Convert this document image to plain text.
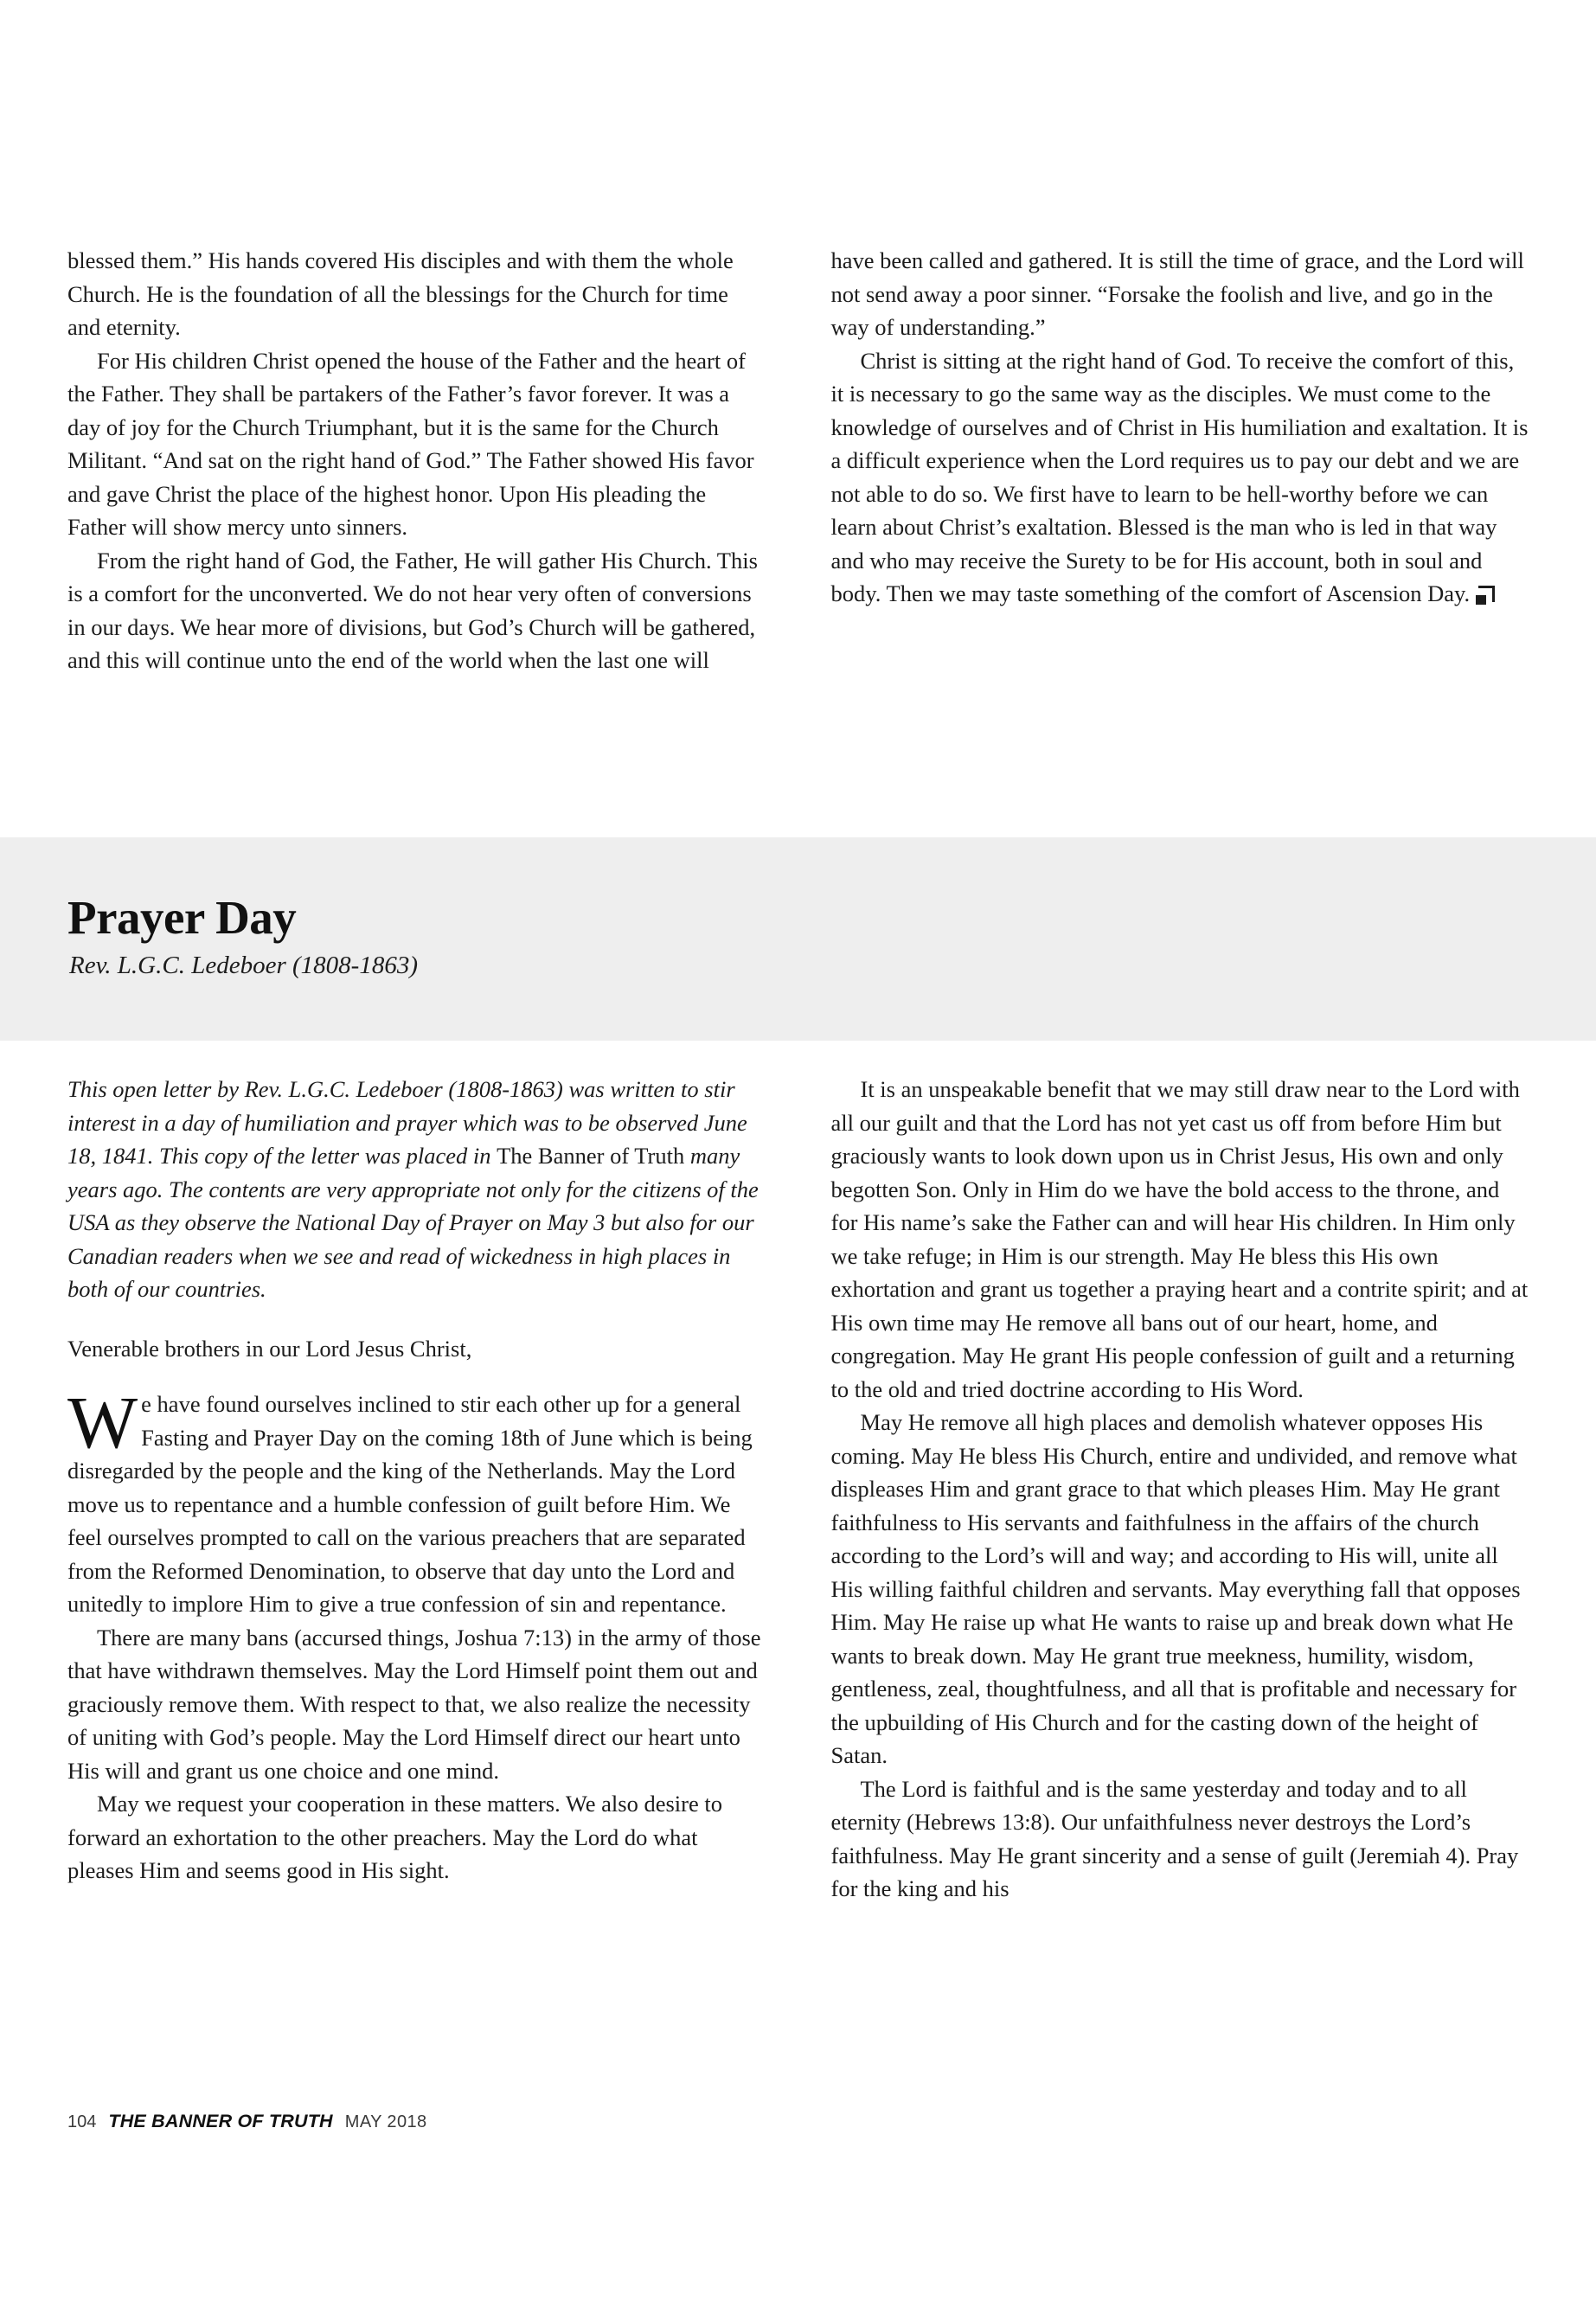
blessed them.” His hands covered His disciples and with them the whole Church. He is the foundation of all the blessings for the Church for time and eternity.

For His children Christ opened the house of the Father and the heart of the Father. They shall be partakers of the Father’s favor forever. It was a day of joy for the Church Triumphant, but it is the same for the Church Militant. “And sat on the right hand of God.” The Father showed His favor and gave Christ the place of the highest honor. Upon His pleading the Father will show mercy unto sinners.

From the right hand of God, the Father, He will gather His Church. This is a comfort for the unconverted. We do not hear very often of conversions in our days. We hear more of divisions, but God’s Church will be gathered, and this will continue unto the end of the world when the last one will

have been called and gathered. It is still the time of grace, and the Lord will not send away a poor sinner. “Forsake the foolish and live, and go in the way of understanding.”

Christ is sitting at the right hand of God. To receive the comfort of this, it is necessary to go the same way as the disciples. We must come to the knowledge of ourselves and of Christ in His humiliation and exaltation. It is a difficult experience when the Lord requires us to pay our debt and we are not able to do so. We first have to learn to be hell-worthy before we can learn about Christ’s exaltation. Blessed is the man who is led in that way and who may receive the Surety to be for His account, both in soul and body. Then we may taste something of the comfort of Ascension Day.

Prayer Day
Rev. L.G.C. Ledeboer (1808-1863)

This open letter by Rev. L.G.C. Ledeboer (1808-1863) was written to stir interest in a day of humiliation and prayer which was to be observed June 18, 1841. This copy of the letter was placed in The Banner of Truth many years ago. The contents are very appropriate not only for the citizens of the USA as they observe the National Day of Prayer on May 3 but also for our Canadian readers when we see and read of wickedness in high places in both of our countries.

Venerable brothers in our Lord Jesus Christ,

We have found ourselves inclined to stir each other up for a general Fasting and Prayer Day on the coming 18th of June which is being disregarded by the people and the king of the Netherlands. May the Lord move us to repentance and a humble confession of guilt before Him. We feel ourselves prompted to call on the various preachers that are separated from the Reformed Denomination, to observe that day unto the Lord and unitedly to implore Him to give a true confession of sin and repentance.

There are many bans (accursed things, Joshua 7:13) in the army of those that have withdrawn themselves. May the Lord Himself point them out and graciously remove them. With respect to that, we also realize the necessity of uniting with God’s people. May the Lord Himself direct our heart unto His will and grant us one choice and one mind.

May we request your cooperation in these matters. We also desire to forward an exhortation to the other preachers. May the Lord do what pleases Him and seems good in His sight.

It is an unspeakable benefit that we may still draw near to the Lord with all our guilt and that the Lord has not yet cast us off from before Him but graciously wants to look down upon us in Christ Jesus, His own and only begotten Son. Only in Him do we have the bold access to the throne, and for His name’s sake the Father can and will hear His children. In Him only we take refuge; in Him is our strength. May He bless this His own exhortation and grant us together a praying heart and a contrite spirit; and at His own time may He remove all bans out of our heart, home, and congregation. May He grant His people confession of guilt and a returning to the old and tried doctrine according to His Word.

May He remove all high places and demolish whatever opposes His coming. May He bless His Church, entire and undivided, and remove what displeases Him and grant grace to that which pleases Him. May He grant faithfulness to His servants and faithfulness in the affairs of the church according to the Lord’s will and way; and according to His will, unite all His willing faithful children and servants. May everything fall that opposes Him. May He raise up what He wants to raise up and break down what He wants to break down. May He grant true meekness, humility, wisdom, gentleness, zeal, thoughtfulness, and all that is profitable and necessary for the upbuilding of His Church and for the casting down of the height of Satan.

The Lord is faithful and is the same yesterday and today and to all eternity (Hebrews 13:8). Our unfaithfulness never destroys the Lord’s faithfulness. May He grant sincerity and a sense of guilt (Jeremiah 4). Pray for the king and his

104 THE BANNER OF TRUTH MAY 2018
